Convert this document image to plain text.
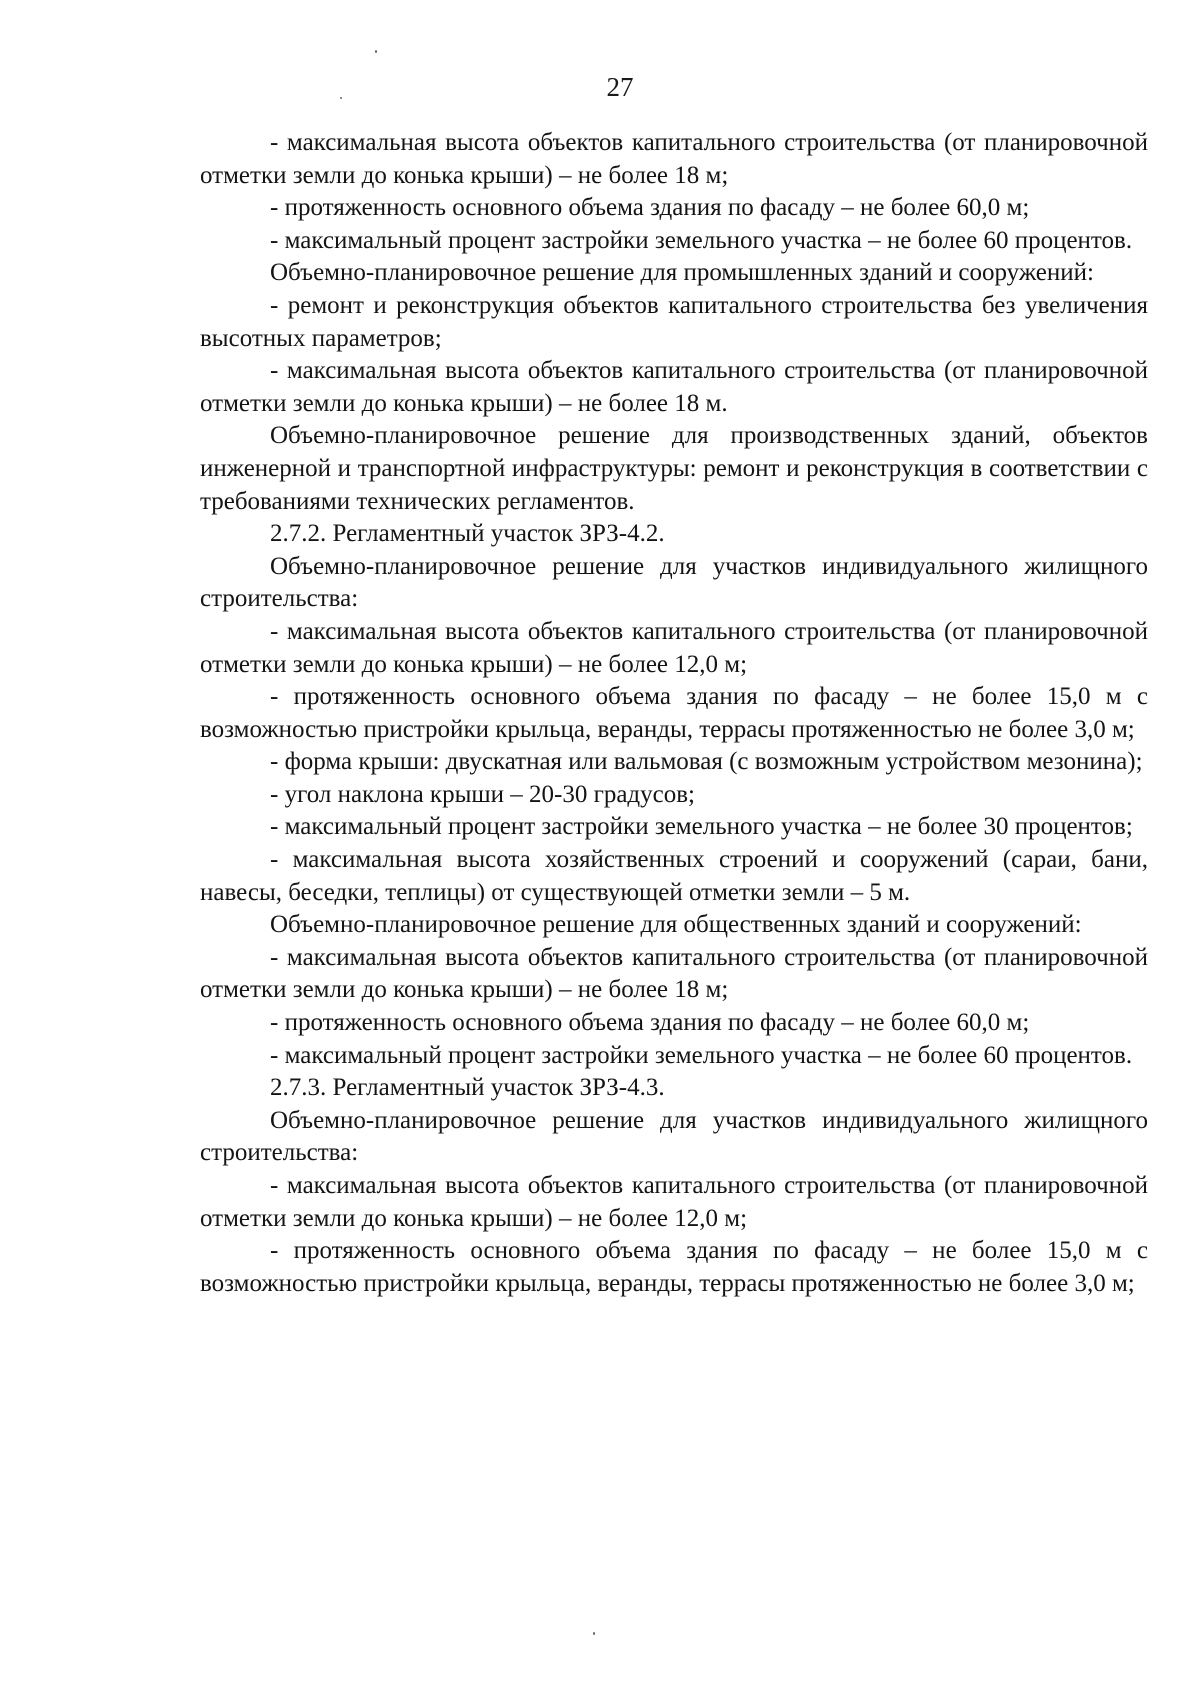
27

- максимальная высота объектов капитального строительства (от планировочной отметки земли до конька крыши) – не более 18 м;

- протяженность основного объема здания по фасаду – не более 60,0 м;

- максимальный процент застройки земельного участка – не более 60 процентов.

Объемно-планировочное решение для промышленных зданий и сооружений:

- ремонт и реконструкция объектов капитального строительства без увеличения высотных параметров;

- максимальная высота объектов капитального строительства (от планировочной отметки земли до конька крыши) – не более 18 м.

Объемно-планировочное решение для производственных зданий, объектов инженерной и транспортной инфраструктуры: ремонт и реконструкция в соответствии с требованиями технических регламентов.

2.7.2. Регламентный участок ЗРЗ-4.2.

Объемно-планировочное решение для участков индивидуального жилищного строительства:

- максимальная высота объектов капитального строительства (от планировочной отметки земли до конька крыши) – не более 12,0 м;

- протяженность основного объема здания по фасаду – не более 15,0 м с возможностью пристройки крыльца, веранды, террасы протяженностью не более 3,0 м;

- форма крыши: двускатная или вальмовая (с возможным устройством мезонина);

- угол наклона крыши – 20-30 градусов;

- максимальный процент застройки земельного участка – не более 30 процентов;

- максимальная высота хозяйственных строений и сооружений (сараи, бани, навесы, беседки, теплицы) от существующей отметки земли – 5 м.

Объемно-планировочное решение для общественных зданий и сооружений:

- максимальная высота объектов капитального строительства (от планировочной отметки земли до конька крыши) – не более 18 м;

- протяженность основного объема здания по фасаду – не более 60,0 м;

- максимальный процент застройки земельного участка – не более 60 процентов.

2.7.3. Регламентный участок ЗРЗ-4.3.

Объемно-планировочное решение для участков индивидуального жилищного строительства:

- максимальная высота объектов капитального строительства (от планировочной отметки земли до конька крыши) – не более 12,0 м;

- протяженность основного объема здания по фасаду – не более 15,0 м с возможностью пристройки крыльца, веранды, террасы протяженностью не более 3,0 м;
